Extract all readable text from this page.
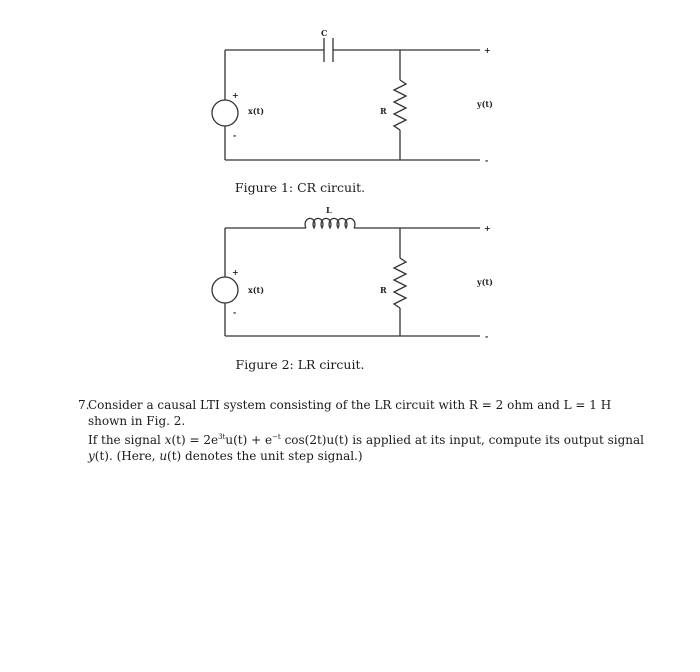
C
R
x(t)
y(t)
+
-
+
-
Figure 1: CR circuit.
L
R
x(t)
y(t)
+
-
+
-
Figure 2: LR circuit.
7.

Consider a causal LTI system consisting of the LR circuit with R = 2 ohm and L = 1 H shown in Fig. 2.

If the signal $x(t) = 2e^{3t}u(t) + e^{-t}$ cos(2t)u(t) is applied at its input, compute its output signal y(t). (Here, u(t) denotes the unit step signal.)
